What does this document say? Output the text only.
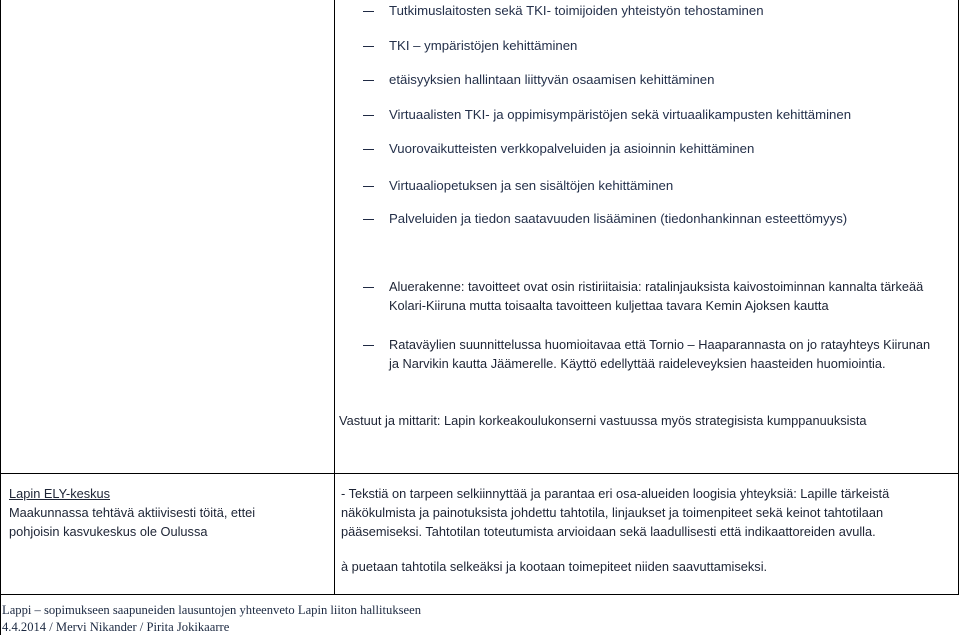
Tutkimuslaitosten sekä TKI- toimijoiden yhteistyön tehostaminen
TKI – ympäristöjen kehittäminen
etäisyyksien hallintaan liittyvän osaamisen kehittäminen
Virtuaalisten TKI- ja oppimisympäristöjen sekä virtuaalikampusten kehittäminen
Vuorovaikutteisten verkkopalveluiden ja asioinnin kehittäminen
Virtuaaliopetuksen ja sen sisältöjen kehittäminen
Palveluiden ja tiedon saatavuuden lisääminen (tiedonhankinnan esteettömyys)
Aluerakenne: tavoitteet ovat osin ristiriitaisia: ratalinjauksista kaivostoiminnan kannalta tärkeää Kolari-Kiiruna mutta toisaalta tavoitteen kuljettaa tavara Kemin Ajoksen kautta
Rataväylien suunnittelussa huomioitavaa että Tornio – Haaparannasta on jo ratayhteys Kiirunan ja Narvikin kautta Jäämerelle. Käyttö edellyttää raideleveyksien haasteiden huomiointia.
Vastuut ja mittarit: Lapin korkeakoulukonserni vastuussa myös strategisista kumppanuuksista
Lapin ELY-keskus
Maakunnassa tehtävä aktiivisesti töitä, ettei pohjoisin kasvukeskus ole Oulussa
- Tekstiä on tarpeen selkiinnyttää ja parantaa eri osa-alueiden loogisia yhteyksiä: Lapille tärkeistä näkökulmista ja painotuksista johdettu tahtotila, linjaukset ja toimenpiteet sekä keinot tahtotilaan pääsemiseksi. Tahtotilan toteutumista arvioidaan sekä laadullisesti että indikaattoreiden avulla.
à puetaan tahtotila selkeäksi ja kootaan toimepiteet niiden saavuttamiseksi.
Lappi – sopimukseen saapuneiden lausuntojen yhteenveto Lapin liiton hallitukseen
4.4.2014 / Mervi Nikander / Pirita Jokikaarre
